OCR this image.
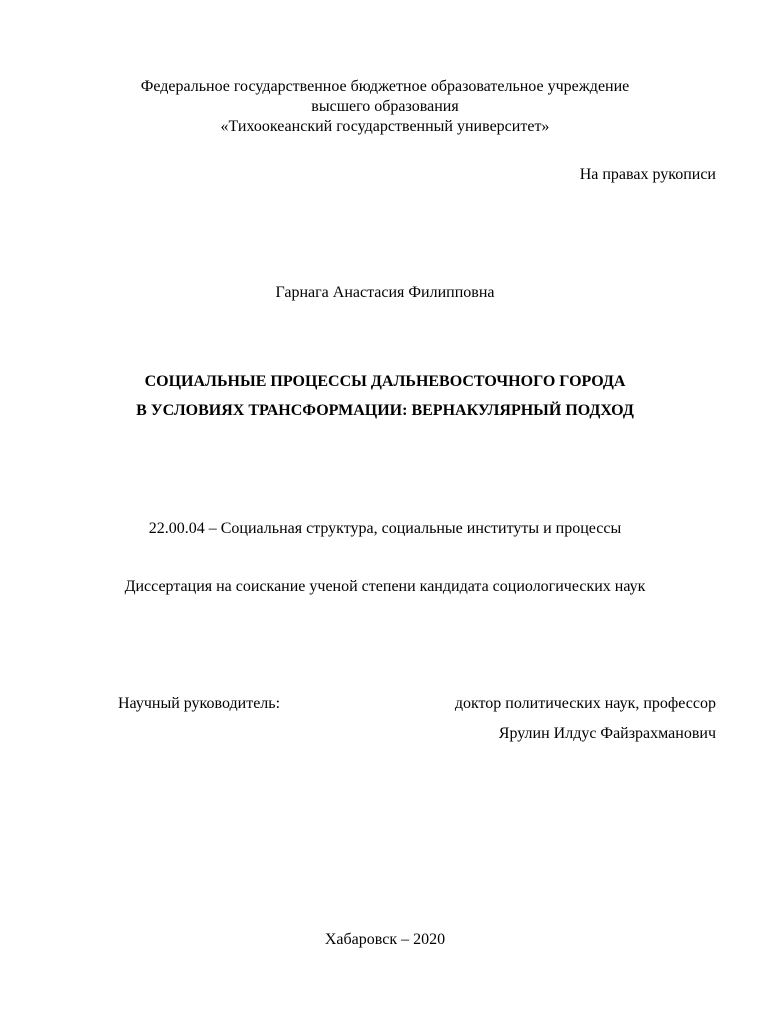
Федеральное государственное бюджетное образовательное учреждение
высшего образования
«Тихоокеанский государственный университет»
На правах рукописи
Гарнага Анастасия Филипповна
СОЦИАЛЬНЫЕ ПРОЦЕССЫ ДАЛЬНЕВОСТОЧНОГО ГОРОДА
В УСЛОВИЯХ ТРАНСФОРМАЦИИ: ВЕРНАКУЛЯРНЫЙ ПОДХОД
22.00.04 – Социальная структура, социальные институты и процессы
Диссертация на соискание ученой степени кандидата социологических наук
Научный руководитель:	доктор политических наук, профессор
Ярулин Илдус Файзрахманович
Хабаровск – 2020
